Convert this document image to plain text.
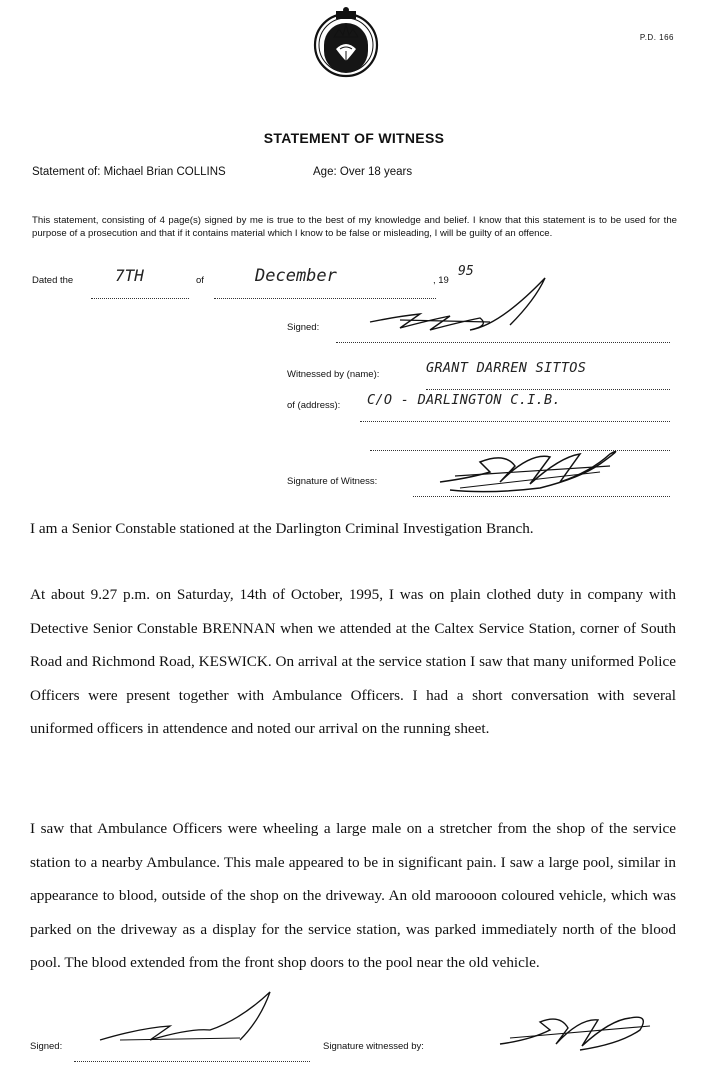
P.D. 166
STATEMENT OF WITNESS
Statement of: Michael Brian COLLINS	Age: Over 18 years
This statement, consisting of 4 page(s) signed by me is true to the best of my knowledge and belief. I know that this statement is to be used for the purpose of a prosecution and that if it contains material which I know to be false or misleading, I will be guilty of an offence.
Dated the	7TH	of	December	, 19
95
Signed:
Witnessed by (name):	GRANT DARREN SITTOS
of (address): C/O - DARLINGTON C.I.B.
Signature of Witness:

I am a Senior Constable stationed at the Darlington Criminal Investigation Branch.

At about 9.27 p.m. on Saturday, 14th of October, 1995, I was on plain clothed duty in company with Detective Senior Constable BRENNAN when we attended at the Caltex Service Station, corner of South Road and Richmond Road, KESWICK. On arrival at the service station I saw that many uniformed Police Officers were present together with Ambulance Officers. I had a short conversation with several uniformed officers in attendence and noted our arrival on the running sheet.

I saw that Ambulance Officers were wheeling a large male on a stretcher from the shop of the service station to a nearby Ambulance. This male appeared to be in significant pain. I saw a large pool, similar in appearance to blood, outside of the shop on the driveway. An old maroooon coloured vehicle, which was parked on the driveway as a display for the service station, was parked immediately north of the blood pool. The blood extended from the front shop doors to the pool near the old vehicle.

Signed:	Signature witnessed by:
